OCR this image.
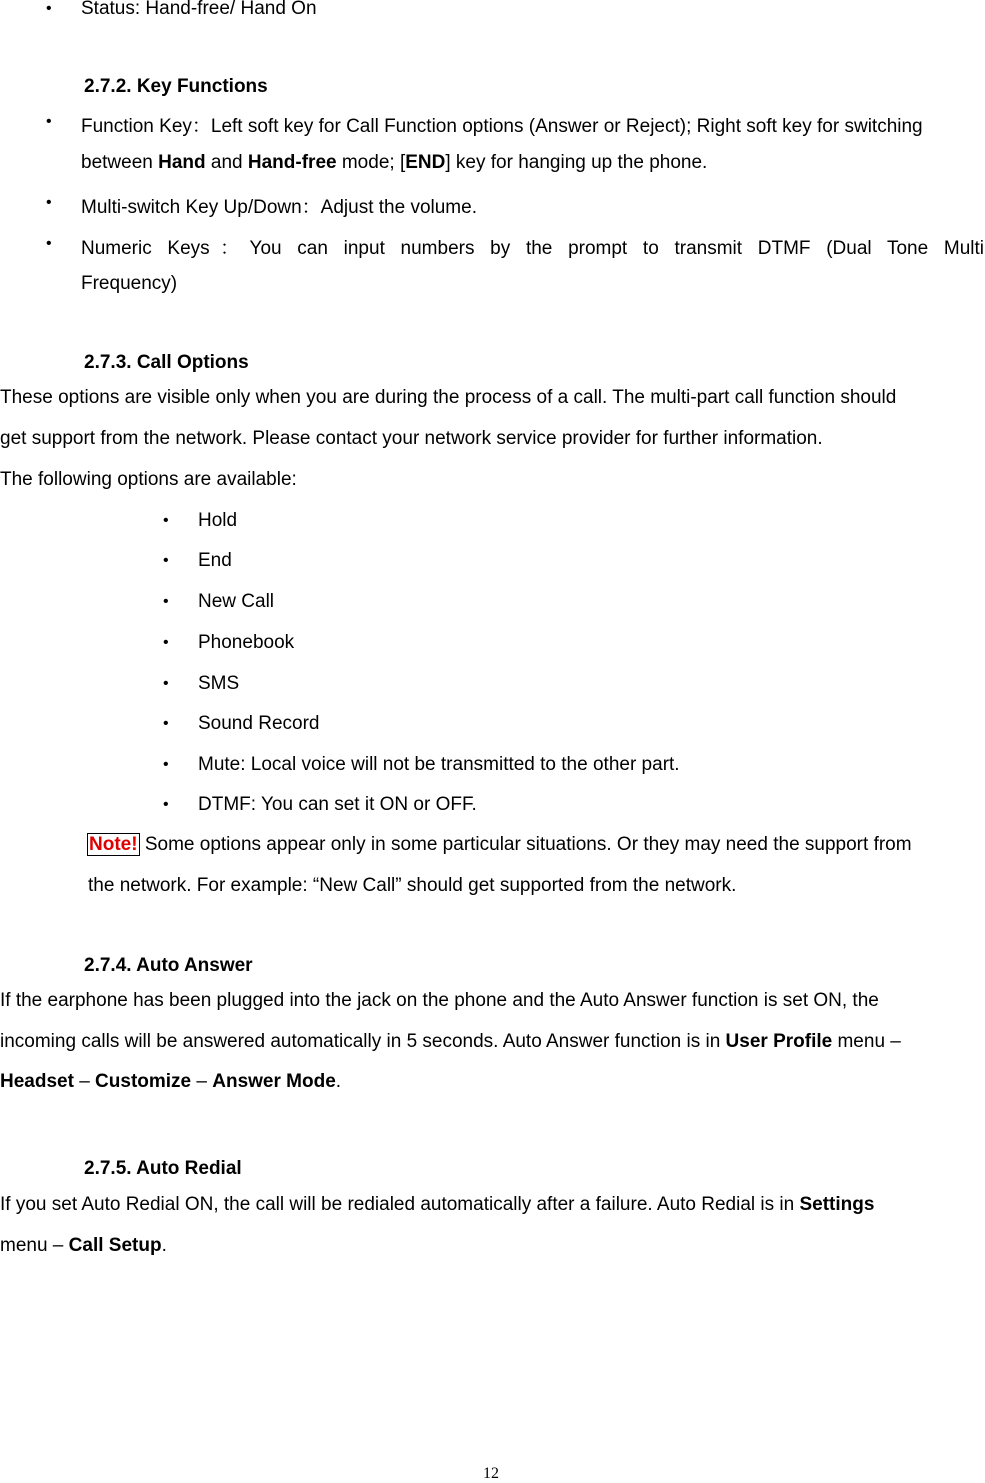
• Status: Hand-free/ Hand On
2.7.2. Key Functions
• Function Key：Left soft key for Call Function options (Answer or Reject); Right soft key for switching
between Hand and Hand-free mode; [END] key for hanging up the phone.
• Multi-switch Key Up/Down：Adjust the volume.
• Numeric Keys：You can input numbers by the prompt to transmit DTMF (Dual Tone Multi
Frequency)
2.7.3. Call Options
These options are visible only when you are during the process of a call. The multi-part call function should
get support from the network. Please contact your network service provider for further information.
The following options are available:
• Hold
• End
• New Call
• Phonebook
• SMS
• Sound Record
• Mute: Local voice will not be transmitted to the other part.
• DTMF: You can set it ON or OFF.
Note! Some options appear only in some particular situations. Or they may need the support from
the network. For example: “New Call” should get supported from the network.
2.7.4. Auto Answer
If the earphone has been plugged into the jack on the phone and the Auto Answer function is set ON, the
incoming calls will be answered automatically in 5 seconds. Auto Answer function is in User Profile menu –
Headset – Customize – Answer Mode.
2.7.5. Auto Redial
If you set Auto Redial ON, the call will be redialed automatically after a failure. Auto Redial is in Settings
menu – Call Setup.
12
